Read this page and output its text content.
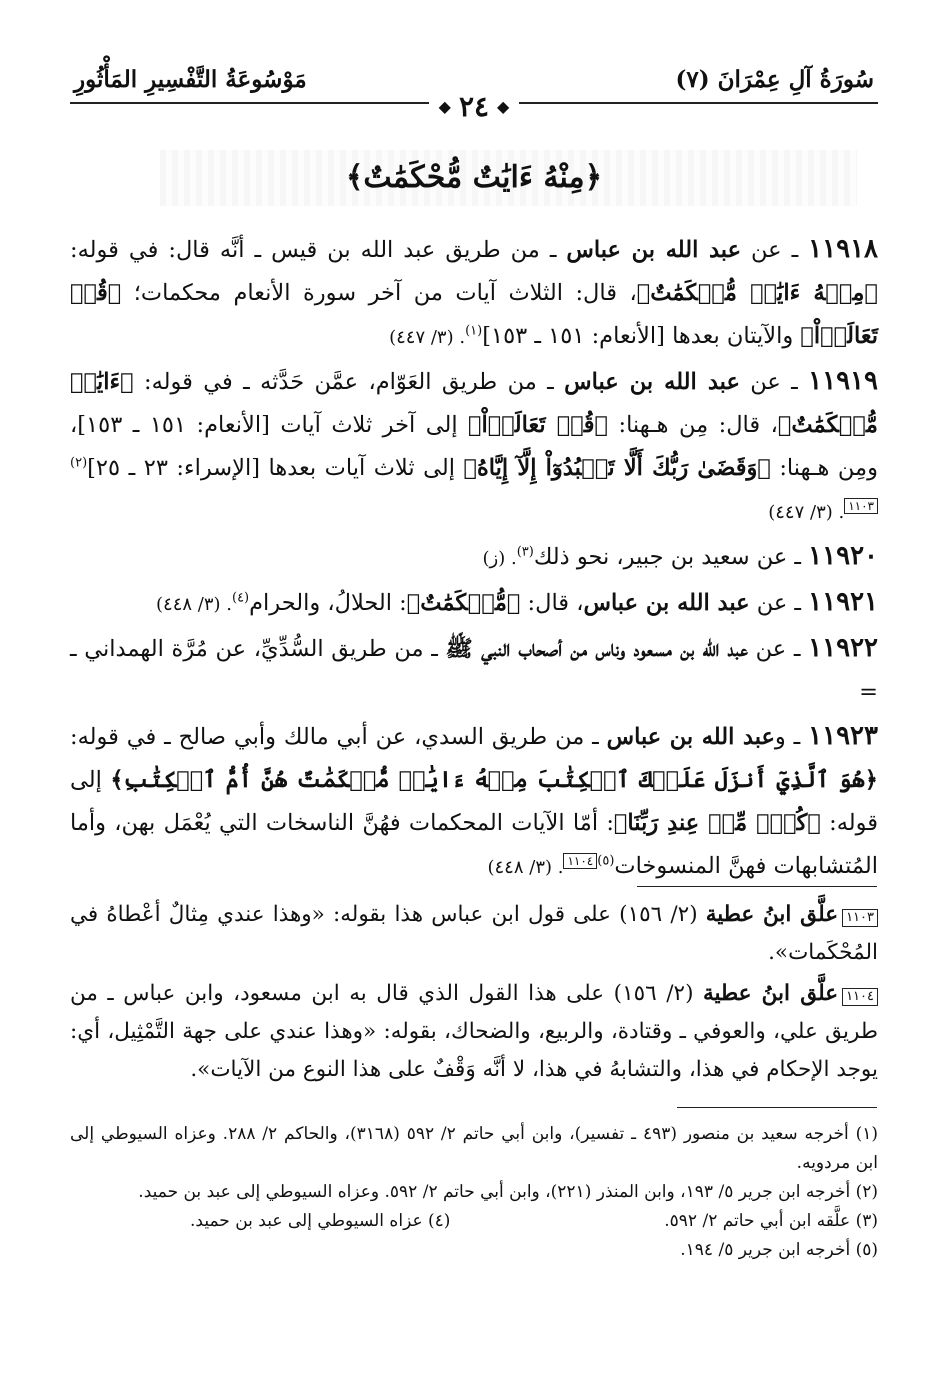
سُورَةُ آلِ عِمْرَانَ (٧)
مَوْسُوعَةُ التَّفْسِيرِ المَأْثُورِ
◆
٢٤
◆
﴿مِنْهُ ءَايَٰتٌ مُّحْكَمَٰتٌ﴾

١١٩١٨ ـ عن عبد الله بن عباس ـ من طريق عبد الله بن قيس ـ أنَّه قال: في قوله: ﴿مِنۡهُ ءَايَٰتٞ مُّحۡكَمَٰتٌ﴾، قال: الثلاث آيات من آخر سورة الأنعام محكمات؛ ﴿قُلۡ تَعَالَوۡاْ﴾ والآيتان بعدها [الأنعام: ١٥١ ـ ١٥٣]$^{(١)}$. (٣/ ٤٤٧)

١١٩١٩ ـ عن عبد الله بن عباس ـ من طريق العَوّام، عمَّن حَدَّثه ـ في قوله: ﴿ءَايَٰتٞ مُّحۡكَمَٰتٌ﴾، قال: مِن هـهنا: ﴿قُلۡ تَعَالَوۡاْ﴾ إلى آخر ثلاث آيات [الأنعام: ١٥١ ـ ١٥٣]، ومِن هـهنا: ﴿وَقَضَىٰ رَبُّكَ أَلَّا تَعۡبُدُوٓاْ إِلَّآ إِيَّاهُ﴾ إلى ثلاث آيات بعدها [الإسراء: ٢٣ ـ ٢٥]$^{(٢)}$١١٠٣. (٣/ ٤٤٧)

١١٩٢٠ ـ عن سعيد بن جبير، نحو ذلك$^{(٣)}$. (ز)

١١٩٢١ ـ عن عبد الله بن عباس، قال: ﴿مُّحۡكَمَٰتٌ﴾: الحلالُ، والحرام$^{(٤)}$. (٣/ ٤٤٨)

١١٩٢٢ ـ عن عبد الله بن مسعود وناس من أصحاب النبي ﷺ ـ من طريق السُّدِّيِّ، عن مُرَّة الهمداني ـ =

١١٩٢٣ ـ وعبد الله بن عباس ـ من طريق السدي، عن أبي مالك وأبي صالح ـ في قوله: ﴿هُوَ ٱلَّذِيٓ أَنزَلَ عَلَيۡكَ ٱلۡكِتَٰبَ مِنۡهُ ءَايَٰتٞ مُّحۡكَمَٰتٌ هُنَّ أُمُّ ٱلۡكِتَٰبِ﴾ إلى قوله: ﴿كُلّٞ مِّنۡ عِندِ رَبِّنَا﴾: أمّا الآيات المحكمات فهُنَّ الناسخات التي يُعْمَل بهن، وأما المُتشابهات فهنَّ المنسوخات$^{(٥)}$١١٠٤. (٣/ ٤٤٨)

١١٠٣علَّق ابنُ عطية (٢/ ١٥٦) على قول ابن عباس هذا بقوله: «وهذا عندي مِثالٌ أعْطاهُ في المُحْكَمات».

١١٠٤علَّق ابنُ عطية (٢/ ١٥٦) على هذا القول الذي قال به ابن مسعود، وابن عباس ـ من طريق علي، والعوفي ـ وقتادة، والربيع، والضحاك، بقوله: «وهذا عندي على جهة التَّمْثِيل، أي: يوجد الإحكام في هذا، والتشابهُ في هذا، لا أنَّه وَقْفٌ على هذا النوع من الآيات».

(١) أخرجه سعيد بن منصور (٤٩٣ ـ تفسير)، وابن أبي حاتم ٢/ ٥٩٢ (٣١٦٨)، والحاكم ٢/ ٢٨٨. وعزاه السيوطي إلى ابن مردويه.

(٢) أخرجه ابن جرير ٥/ ١٩٣، وابن المنذر (٢٢١)، وابن أبي حاتم ٢/ ٥٩٢. وعزاه السيوطي إلى عبد بن حميد.

(٣) علَّقه ابن أبي حاتم ٢/ ٥٩٢.
(٤) عزاه السيوطي إلى عبد بن حميد.

(٥) أخرجه ابن جرير ٥/ ١٩٤.
